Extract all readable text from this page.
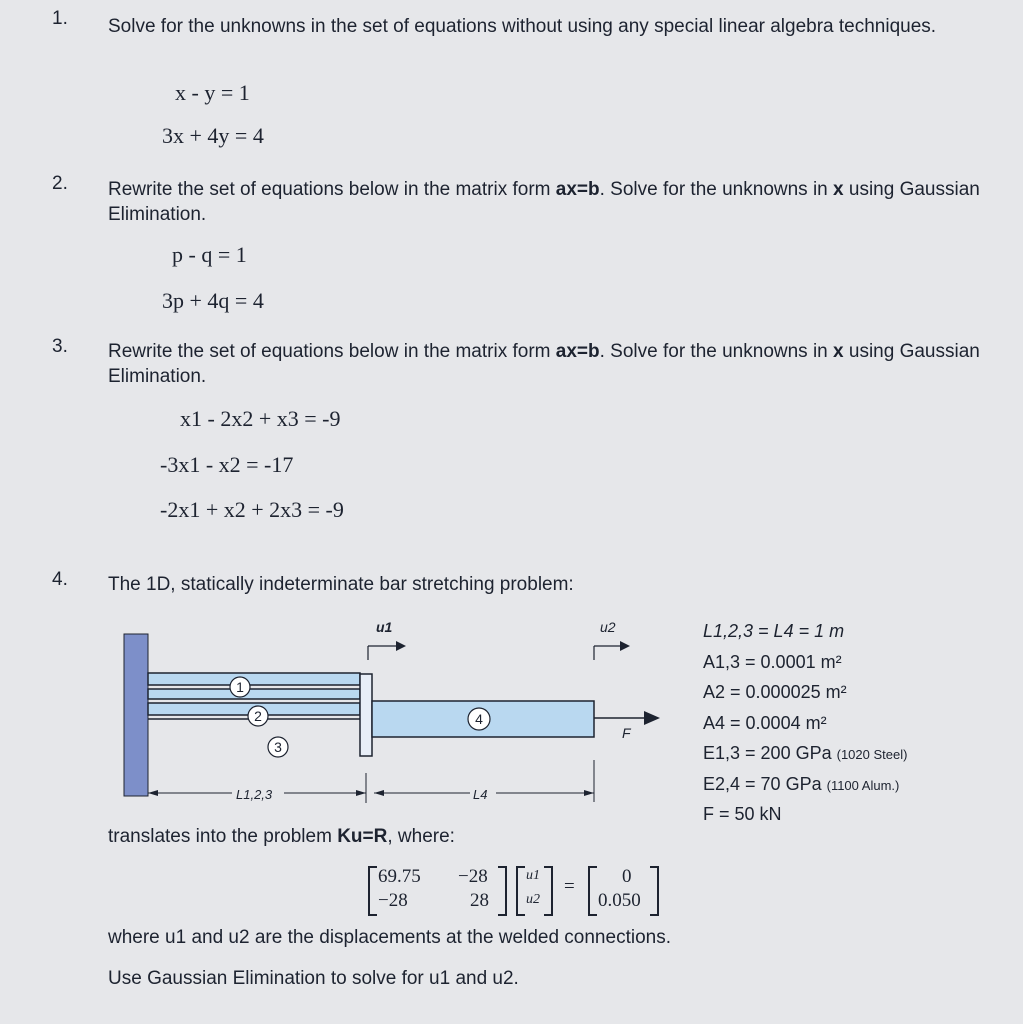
1. Solve for the unknowns in the set of equations without using any special linear algebra techniques.
x - y = 1
3x + 4y = 4
2. Rewrite the set of equations below in the matrix form ax=b. Solve for the unknowns in x using Gaussian Elimination.
p - q = 1
3p + 4q = 4
3. Rewrite the set of equations below in the matrix form ax=b. Solve for the unknowns in x using Gaussian Elimination.
x1 - 2x2 + x3 = -9
-3x1 - x2 = -17
-2x1 + x2 + 2x3 = -9
4. The 1D, statically indeterminate bar stretching problem:
1
2
3
4
u1	u2
F
L1,2,3	L4
L1,2,3 = L4 = 1 m
A1,3 = 0.0001 m²
A2 = 0.000025 m²
A4 = 0.0004 m²
E1,3 = 200 GPa (1020 Steel)
E2,4 = 70 GPa (1100 Alum.)
F = 50 kN
translates into the problem Ku=R, where:
69.75 −28
−28	28
u1
u2
= 0
0.050
where u1 and u2 are the displacements at the welded connections.
Use Gaussian Elimination to solve for u1 and u2.
